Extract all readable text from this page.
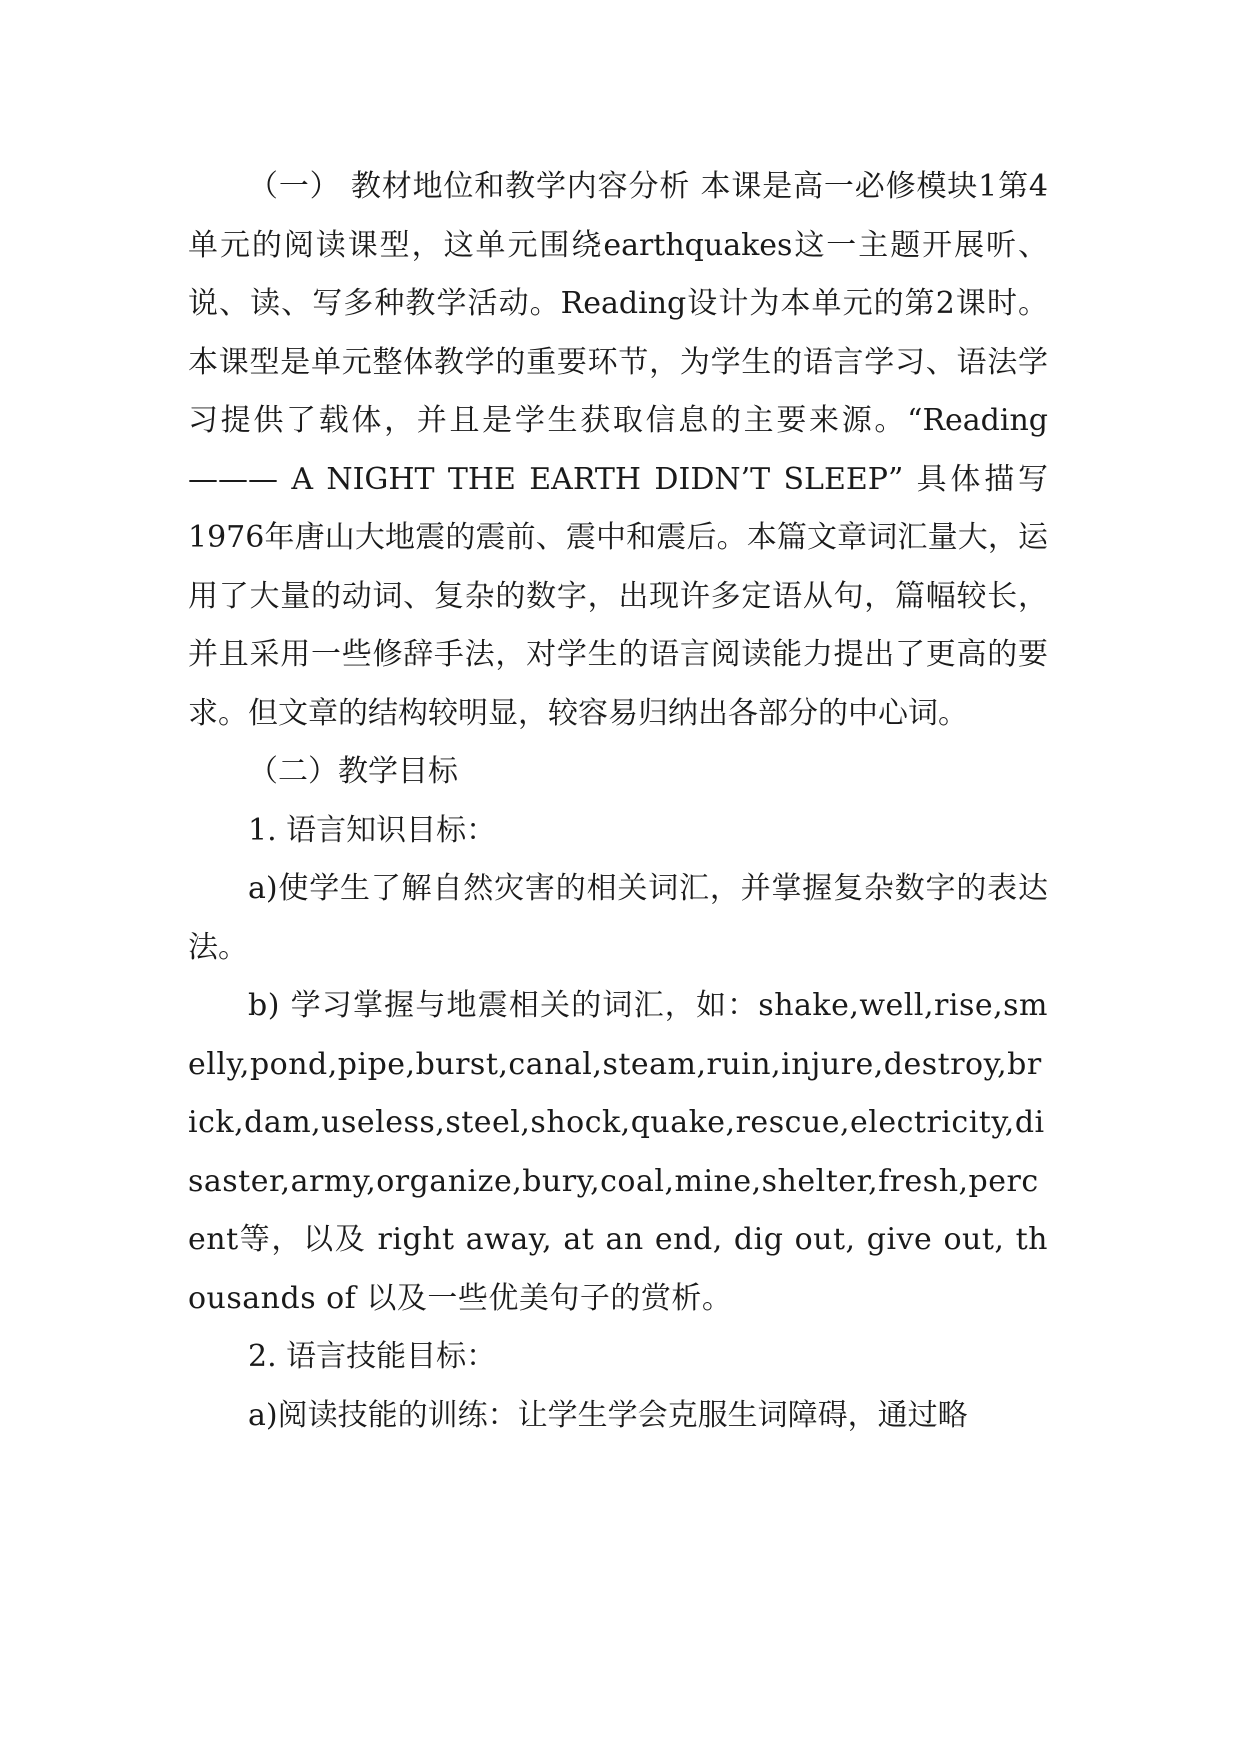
（一） 教材地位和教学内容分析 本课是高一必修模块1第4单元的阅读课型，这单元围绕earthquakes这一主题开展听、说、读、写多种教学活动。Reading设计为本单元的第2课时。本课型是单元整体教学的重要环节，为学生的语言学习、语法学习提供了载体，并且是学生获取信息的主要来源。“Reading——— A NIGHT THE EARTH DIDN’T SLEEP” 具体描写1976年唐山大地震的震前、震中和震后。本篇文章词汇量大，运用了大量的动词、复杂的数字，出现许多定语从句，篇幅较长，并且采用一些修辞手法，对学生的语言阅读能力提出了更高的要求。但文章的结构较明显，较容易归纳出各部分的中心词。

（二）教学目标

1. 语言知识目标：

a)使学生了解自然灾害的相关词汇，并掌握复杂数字的表达法。

b) 学习掌握与地震相关的词汇，如：shake,well,rise,smelly,pond,pipe,burst,canal,steam,ruin,injure,destroy,brick,dam,useless,steel,shock,quake,rescue,electricity,disaster,army,organize,bury,coal,mine,shelter,fresh,percent等，以及 right away, at an end, dig out, give out, thousands of 以及一些优美句子的赏析。

2. 语言技能目标：

a)阅读技能的训练：让学生学会克服生词障碍，通过略
